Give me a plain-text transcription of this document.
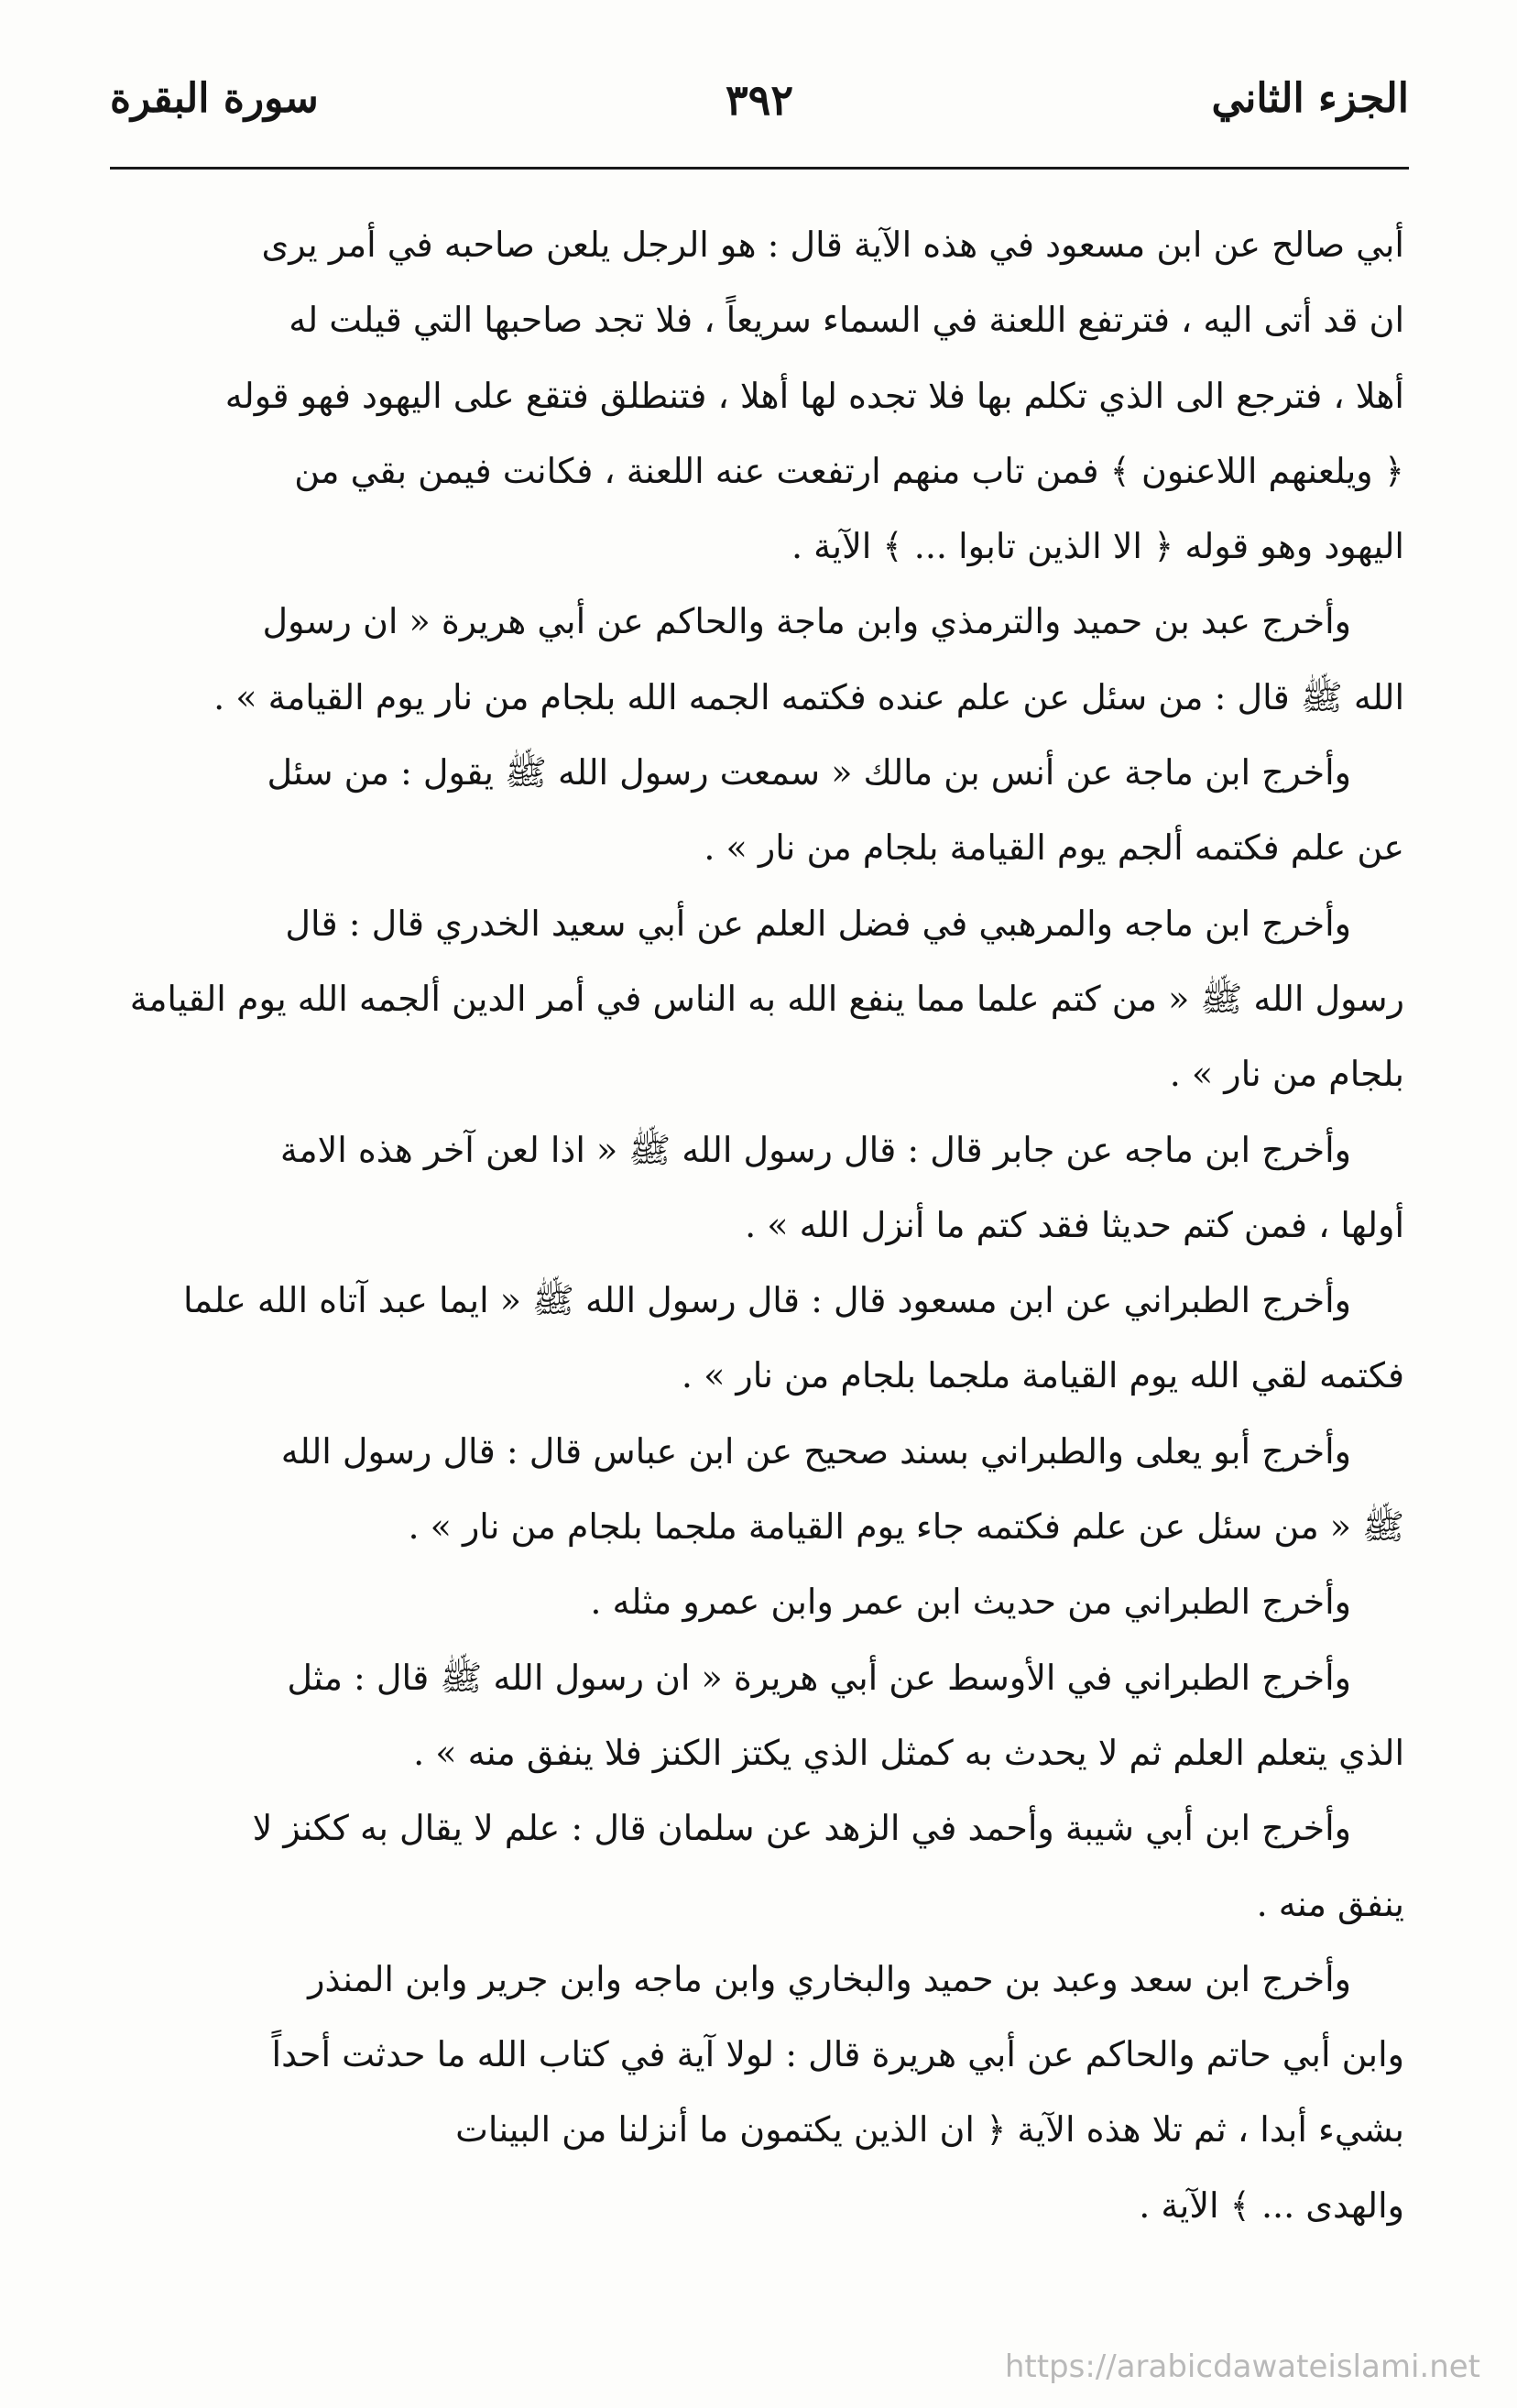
الجزء الثاني
٣٩٢
سورة البقرة
أبي صالح عن ابن مسعود في هذه الآية قال : هو الرجل يلعن صاحبه في أمر يرى
ان قد أتى اليه ، فترتفع اللعنة في السماء سريعاً ، فلا تجد صاحبها التي قيلت له
أهلا ، فترجع الى الذي تكلم بها فلا تجده لها أهلا ، فتنطلق فتقع على اليهود فهو قوله
﴿ ويلعنهم اللاعنون ﴾ فمن تاب منهم ارتفعت عنه اللعنة ، فكانت فيمن بقي من
اليهود وهو قوله ﴿ الا الذين تابوا ... ﴾ الآية .
وأخرج عبد بن حميد والترمذي وابن ماجة والحاكم عن أبي هريرة « ان رسول
الله ﷺ قال : من سئل عن علم عنده فكتمه الجمه الله بلجام من نار يوم القيامة » .
وأخرج ابن ماجة عن أنس بن مالك « سمعت رسول الله ﷺ يقول : من سئل
عن علم فكتمه ألجم يوم القيامة بلجام من نار » .
وأخرج ابن ماجه والمرهبي في فضل العلم عن أبي سعيد الخدري قال : قال
رسول الله ﷺ « من كتم علما مما ينفع الله به الناس في أمر الدين ألجمه الله يوم القيامة
بلجام من نار » .
وأخرج ابن ماجه عن جابر قال : قال رسول الله ﷺ « اذا لعن آخر هذه الامة
أولها ، فمن كتم حديثا فقد كتم ما أنزل الله » .
وأخرج الطبراني عن ابن مسعود قال : قال رسول الله ﷺ « ايما عبد آتاه الله علما
فكتمه لقي الله يوم القيامة ملجما بلجام من نار » .
وأخرج أبو يعلى والطبراني بسند صحيح عن ابن عباس قال : قال رسول الله
ﷺ « من سئل عن علم فكتمه جاء يوم القيامة ملجما بلجام من نار » .
وأخرج الطبراني من حديث ابن عمر وابن عمرو مثله .
وأخرج الطبراني في الأوسط عن أبي هريرة « ان رسول الله ﷺ قال : مثل
الذي يتعلم العلم ثم لا يحدث به كمثل الذي يكتز الكنز فلا ينفق منه » .
وأخرج ابن أبي شيبة وأحمد في الزهد عن سلمان قال : علم لا يقال به ككنز لا
ينفق منه .
وأخرج ابن سعد وعبد بن حميد والبخاري وابن ماجه وابن جرير وابن المنذر
وابن أبي حاتم والحاكم عن أبي هريرة قال : لولا آية في كتاب الله ما حدثت أحداً
بشيء أبدا ، ثم تلا هذه الآية ﴿ ان الذين يكتمون ما أنزلنا من البينات
والهدى ... ﴾ الآية .
https://arabicdawateislami.net
